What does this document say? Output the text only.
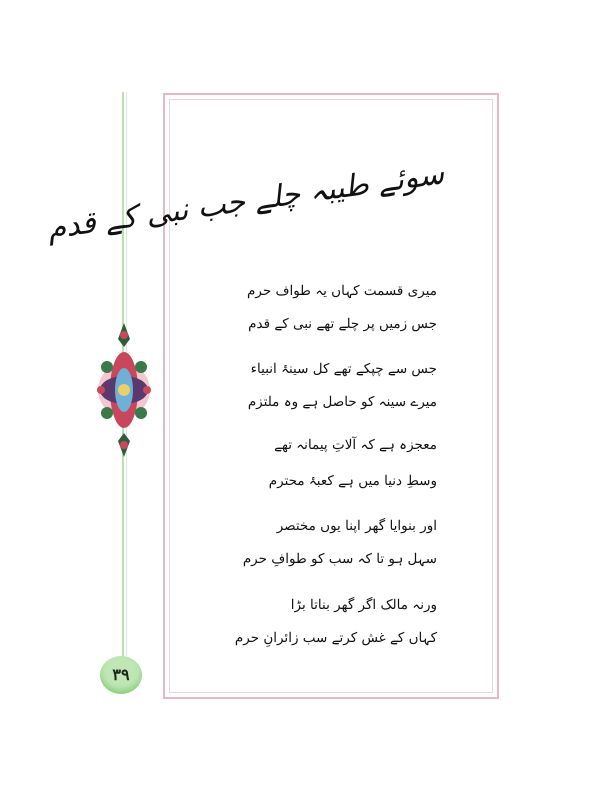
سوئے طیبہ چلے جب نبی کے قدم
میری قسمت کہاں یہ طواف حرم
جس زمیں پر چلے تھے نبی کے قدم
جس سے چپکے تھے کل سینۂ انبیاء
میرے سینہ کو حاصل ہے وہ ملتزم
معجزہ ہے کہ آلاتِ پیمانہ تھے
وسطِ دنیا میں ہے کعبۂ محترم
اور بنوایا گھر اپنا یوں مختصر
سہل ہو تا کہ سب کو طوافِ حرم
ورنہ مالک اگر گھر بناتا بڑا
کہاں کے غش کرتے سب زائرانِ حرم
۳۹
